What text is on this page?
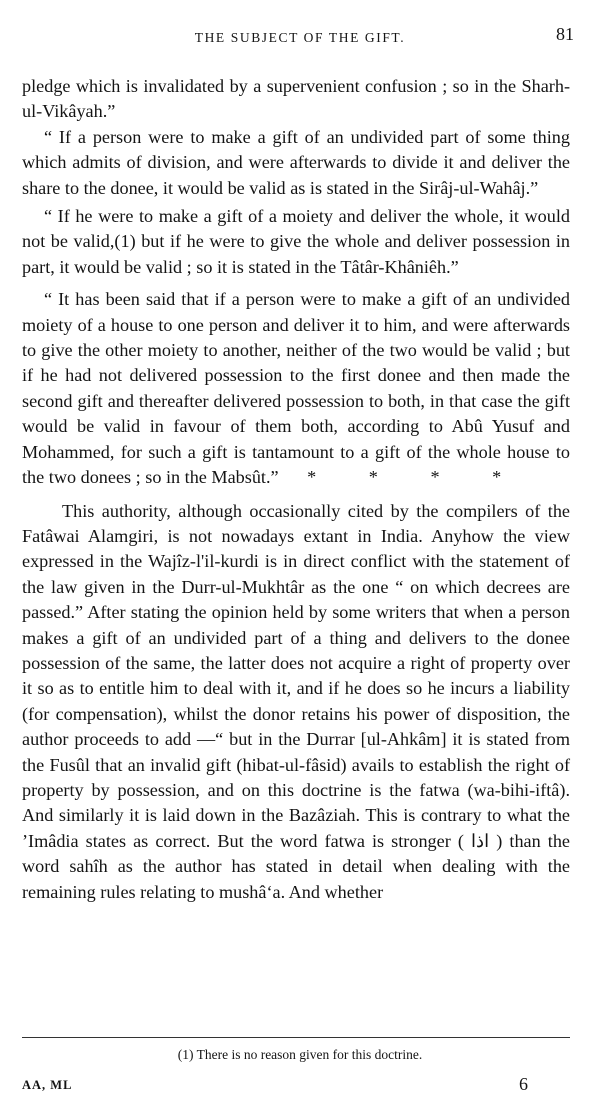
THE SUBJECT OF THE GIFT.	81

pledge which is invalidated by a supervenient confusion ; so in the Sharh-ul-Vikâyah.”

“ If a person were to make a gift of an undivided part of some thing which admits of division, and were afterwards to divide it and deliver the share to the donee, it would be valid as is stated in the Sirâj-ul-Wahâj.”

“ If he were to make a gift of a moiety and deliver the whole, it would not be valid,(1) but if he were to give the whole and deliver possession in part, it would be valid ; so it is stated in the Tâtâr-Khâniêh.”

“ It has been said that if a person were to make a gift of an undivided moiety of a house to one person and deliver it to him, and were afterwards to give the other moiety to another, neither of the two would be valid ; but if he had not delivered possession to the first donee and then made the second gift and thereafter delivered possession to both, in that case the gift would be valid in favour of them both, according to Abû Yusuf and Mohammed, for such a gift is tantamount to a gift of the whole house to the two donees ; so in the Mabsût.” * * * *

This authority, although occasionally cited by the compilers of the Fatâwai Alamgiri, is not nowadays extant in India. Anyhow the view expressed in the Wajîz-l'il-kurdi is in direct conflict with the statement of the law given in the Durr-ul-Mukhtâr as the one “ on which decrees are passed.” After stating the opinion held by some writers that when a person makes a gift of an undivided part of a thing and delivers to the donee possession of the same, the latter does not acquire a right of property over it so as to entitle him to deal with it, and if he does so he incurs a liability (for compensation), whilst the donor retains his power of disposition, the author proceeds to add —“ but in the Durrar [ul-Ahkâm] it is stated from the Fusûl that an invalid gift (hibat-ul-fâsid) avails to establish the right of property by possession, and on this doctrine is the fatwa (wa-bihi-iftâ). And similarly it is laid down in the Bazâziah. This is contrary to what the ’Imâdia states as correct. But the word fatwa is stronger ( اذا ) than the word sahîh as the author has stated in detail when dealing with the remaining rules relating to mushâ‘a. And whether

(1) There is no reason given for this doctrine.
AA, ML	6
